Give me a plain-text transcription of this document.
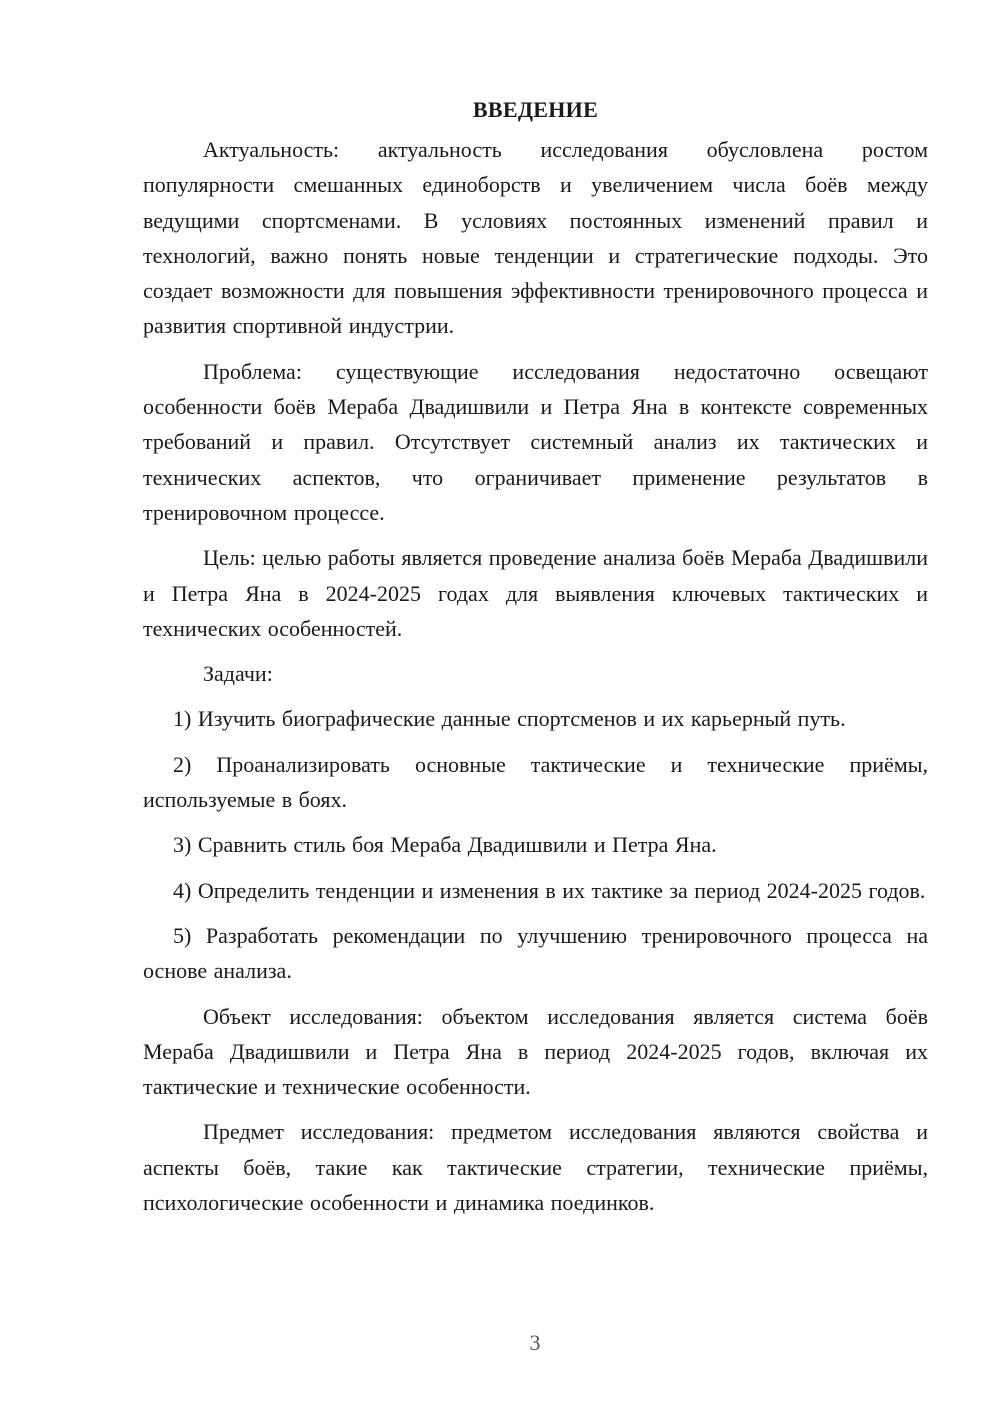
ВВЕДЕНИЕ

Актуальность: актуальность исследования обусловлена ростом популярности смешанных единоборств и увеличением числа боёв между ведущими спортсменами. В условиях постоянных изменений правил и технологий, важно понять новые тенденции и стратегические подходы. Это создает возможности для повышения эффективности тренировочного процесса и развития спортивной индустрии.

Проблема: существующие исследования недостаточно освещают особенности боёв Мераба Двадишвили и Петра Яна в контексте современных требований и правил. Отсутствует системный анализ их тактических и технических аспектов, что ограничивает применение результатов в тренировочном процессе.

Цель: целью работы является проведение анализа боёв Мераба Двадишвили и Петра Яна в 2024-2025 годах для выявления ключевых тактических и технических особенностей.

Задачи:

1) Изучить биографические данные спортсменов и их карьерный путь.

2) Проанализировать основные тактические и технические приёмы, используемые в боях.

3) Сравнить стиль боя Мераба Двадишвили и Петра Яна.

4) Определить тенденции и изменения в их тактике за период 2024-2025 годов.

5) Разработать рекомендации по улучшению тренировочного процесса на основе анализа.

Объект исследования: объектом исследования является система боёв Мераба Двадишвили и Петра Яна в период 2024-2025 годов, включая их тактические и технические особенности.

Предмет исследования: предметом исследования являются свойства и аспекты боёв, такие как тактические стратегии, технические приёмы, психологические особенности и динамика поединков.

3
